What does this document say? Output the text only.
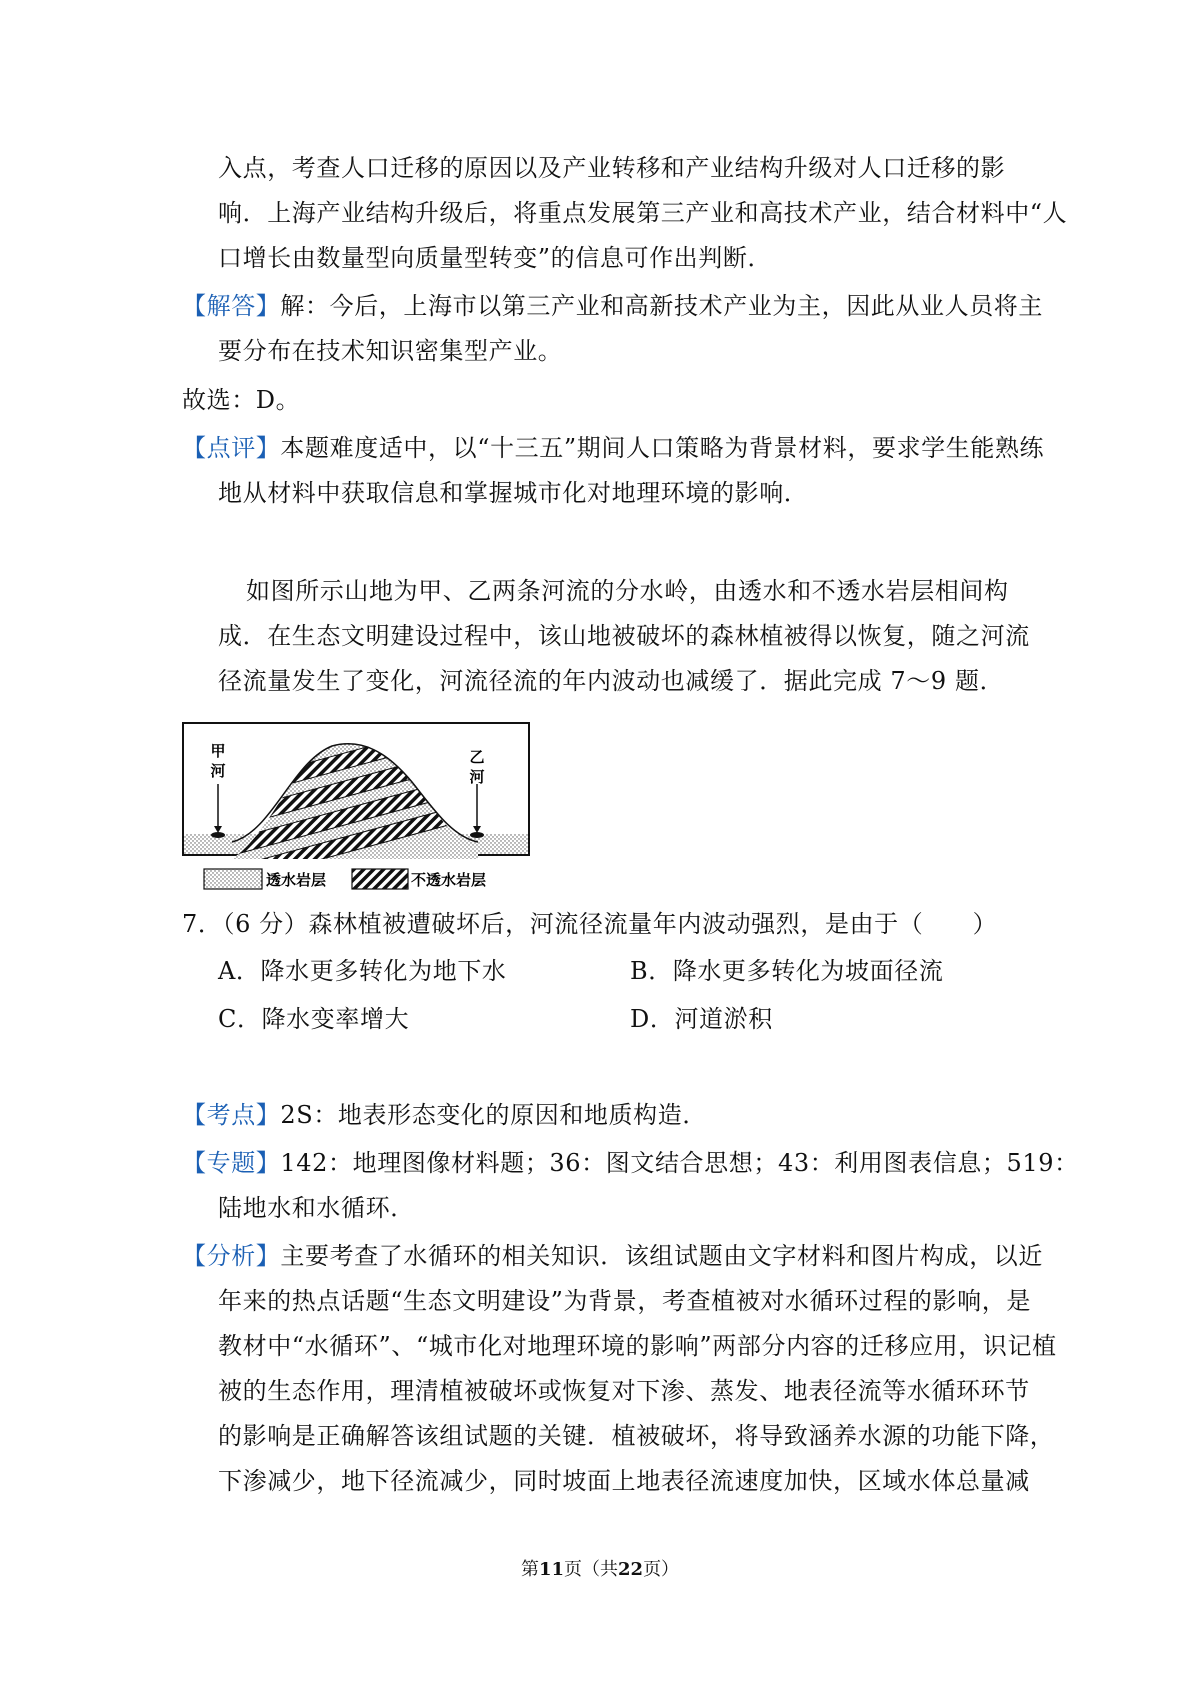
入点，考查人口迁移的原因以及产业转移和产业结构升级对人口迁移的影
响．上海产业结构升级后，将重点发展第三产业和高技术产业，结合材料中“人
口增长由数量型向质量型转变”的信息可作出判断．
【解答】解：今后，上海市以第三产业和高新技术产业为主，因此从业人员将主
要分布在技术知识密集型产业。
故选：D。
【点评】本题难度适中，以“十三五”期间人口策略为背景材料，要求学生能熟练
地从材料中获取信息和掌握城市化对地理环境的影响．
如图所示山地为甲、乙两条河流的分水岭，由透水和不透水岩层相间构
成．在生态文明建设过程中，该山地被破坏的森林植被得以恢复，随之河流
径流量发生了变化，河流径流的年内波动也减缓了．据此完成 7～9 题．
甲
河
乙
河
透水岩层	不透水岩层
7．（6 分）森林植被遭破坏后，河流径流量年内波动强烈，是由于（　　）
A．降水更多转化为地下水	B．降水更多转化为坡面径流
C．降水变率增大	D．河道淤积
【考点】2S：地表形态变化的原因和地质构造．
【专题】142：地理图像材料题；36：图文结合思想；43：利用图表信息；519：
陆地水和水循环．
【分析】主要考查了水循环的相关知识．该组试题由文字材料和图片构成，以近
年来的热点话题“生态文明建设”为背景，考查植被对水循环过程的影响，是
教材中“水循环”、“城市化对地理环境的影响”两部分内容的迁移应用，识记植
被的生态作用，理清植被破坏或恢复对下渗、蒸发、地表径流等水循环环节
的影响是正确解答该组试题的关键．植被破坏，将导致涵养水源的功能下降，
下渗减少，地下径流减少，同时坡面上地表径流速度加快，区域水体总量减
第11页（共22页）
